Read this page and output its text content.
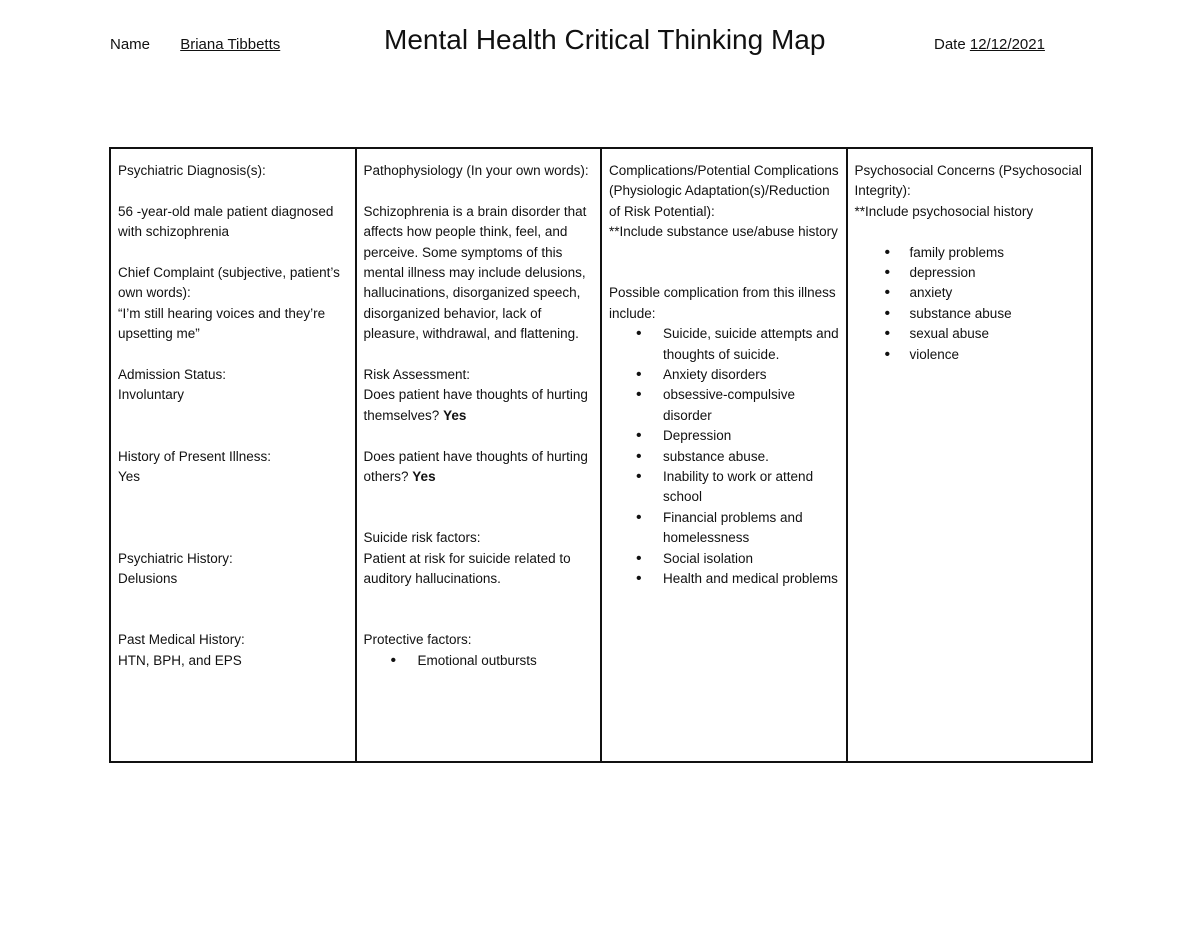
Name Briana Tibbetts	Mental Health Critical Thinking Map	Date 12/12/2021

Psychiatric Diagnosis(s):

56 -year-old male patient diagnosed with schizophrenia

Chief Complaint (subjective, patient’s own words):

“I’m still hearing voices and they’re upsetting me”

Admission Status:

Involuntary

History of Present Illness:

Yes

Psychiatric History:

Delusions

Past Medical History:

HTN, BPH, and EPS

Pathophysiology (In your own words):

Schizophrenia is a brain disorder that affects how people think, feel, and perceive. Some symptoms of this mental illness may include delusions, hallucinations, disorganized speech, disorganized behavior, lack of pleasure, withdrawal, and flattening.

Risk Assessment:

Does patient have thoughts of hurting themselves? Yes

Does patient have thoughts of hurting others? Yes

Suicide risk factors:

Patient at risk for suicide related to auditory hallucinations.

Protective factors:

• Emotional outbursts

Complications/Potential Complications (Physiologic Adaptation(s)/Reduction of Risk Potential):

**Include substance use/abuse history

Possible complication from this illness include:

• Suicide, suicide attempts and thoughts of suicide.
• Anxiety disorders
• obsessive-compulsive disorder
• Depression
• substance abuse.
• Inability to work or attend school
• Financial problems and homelessness
• Social isolation
• Health and medical problems

Psychosocial Concerns (Psychosocial Integrity):

**Include psychosocial history

• family problems
• depression
• anxiety
• substance abuse
• sexual abuse
• violence
